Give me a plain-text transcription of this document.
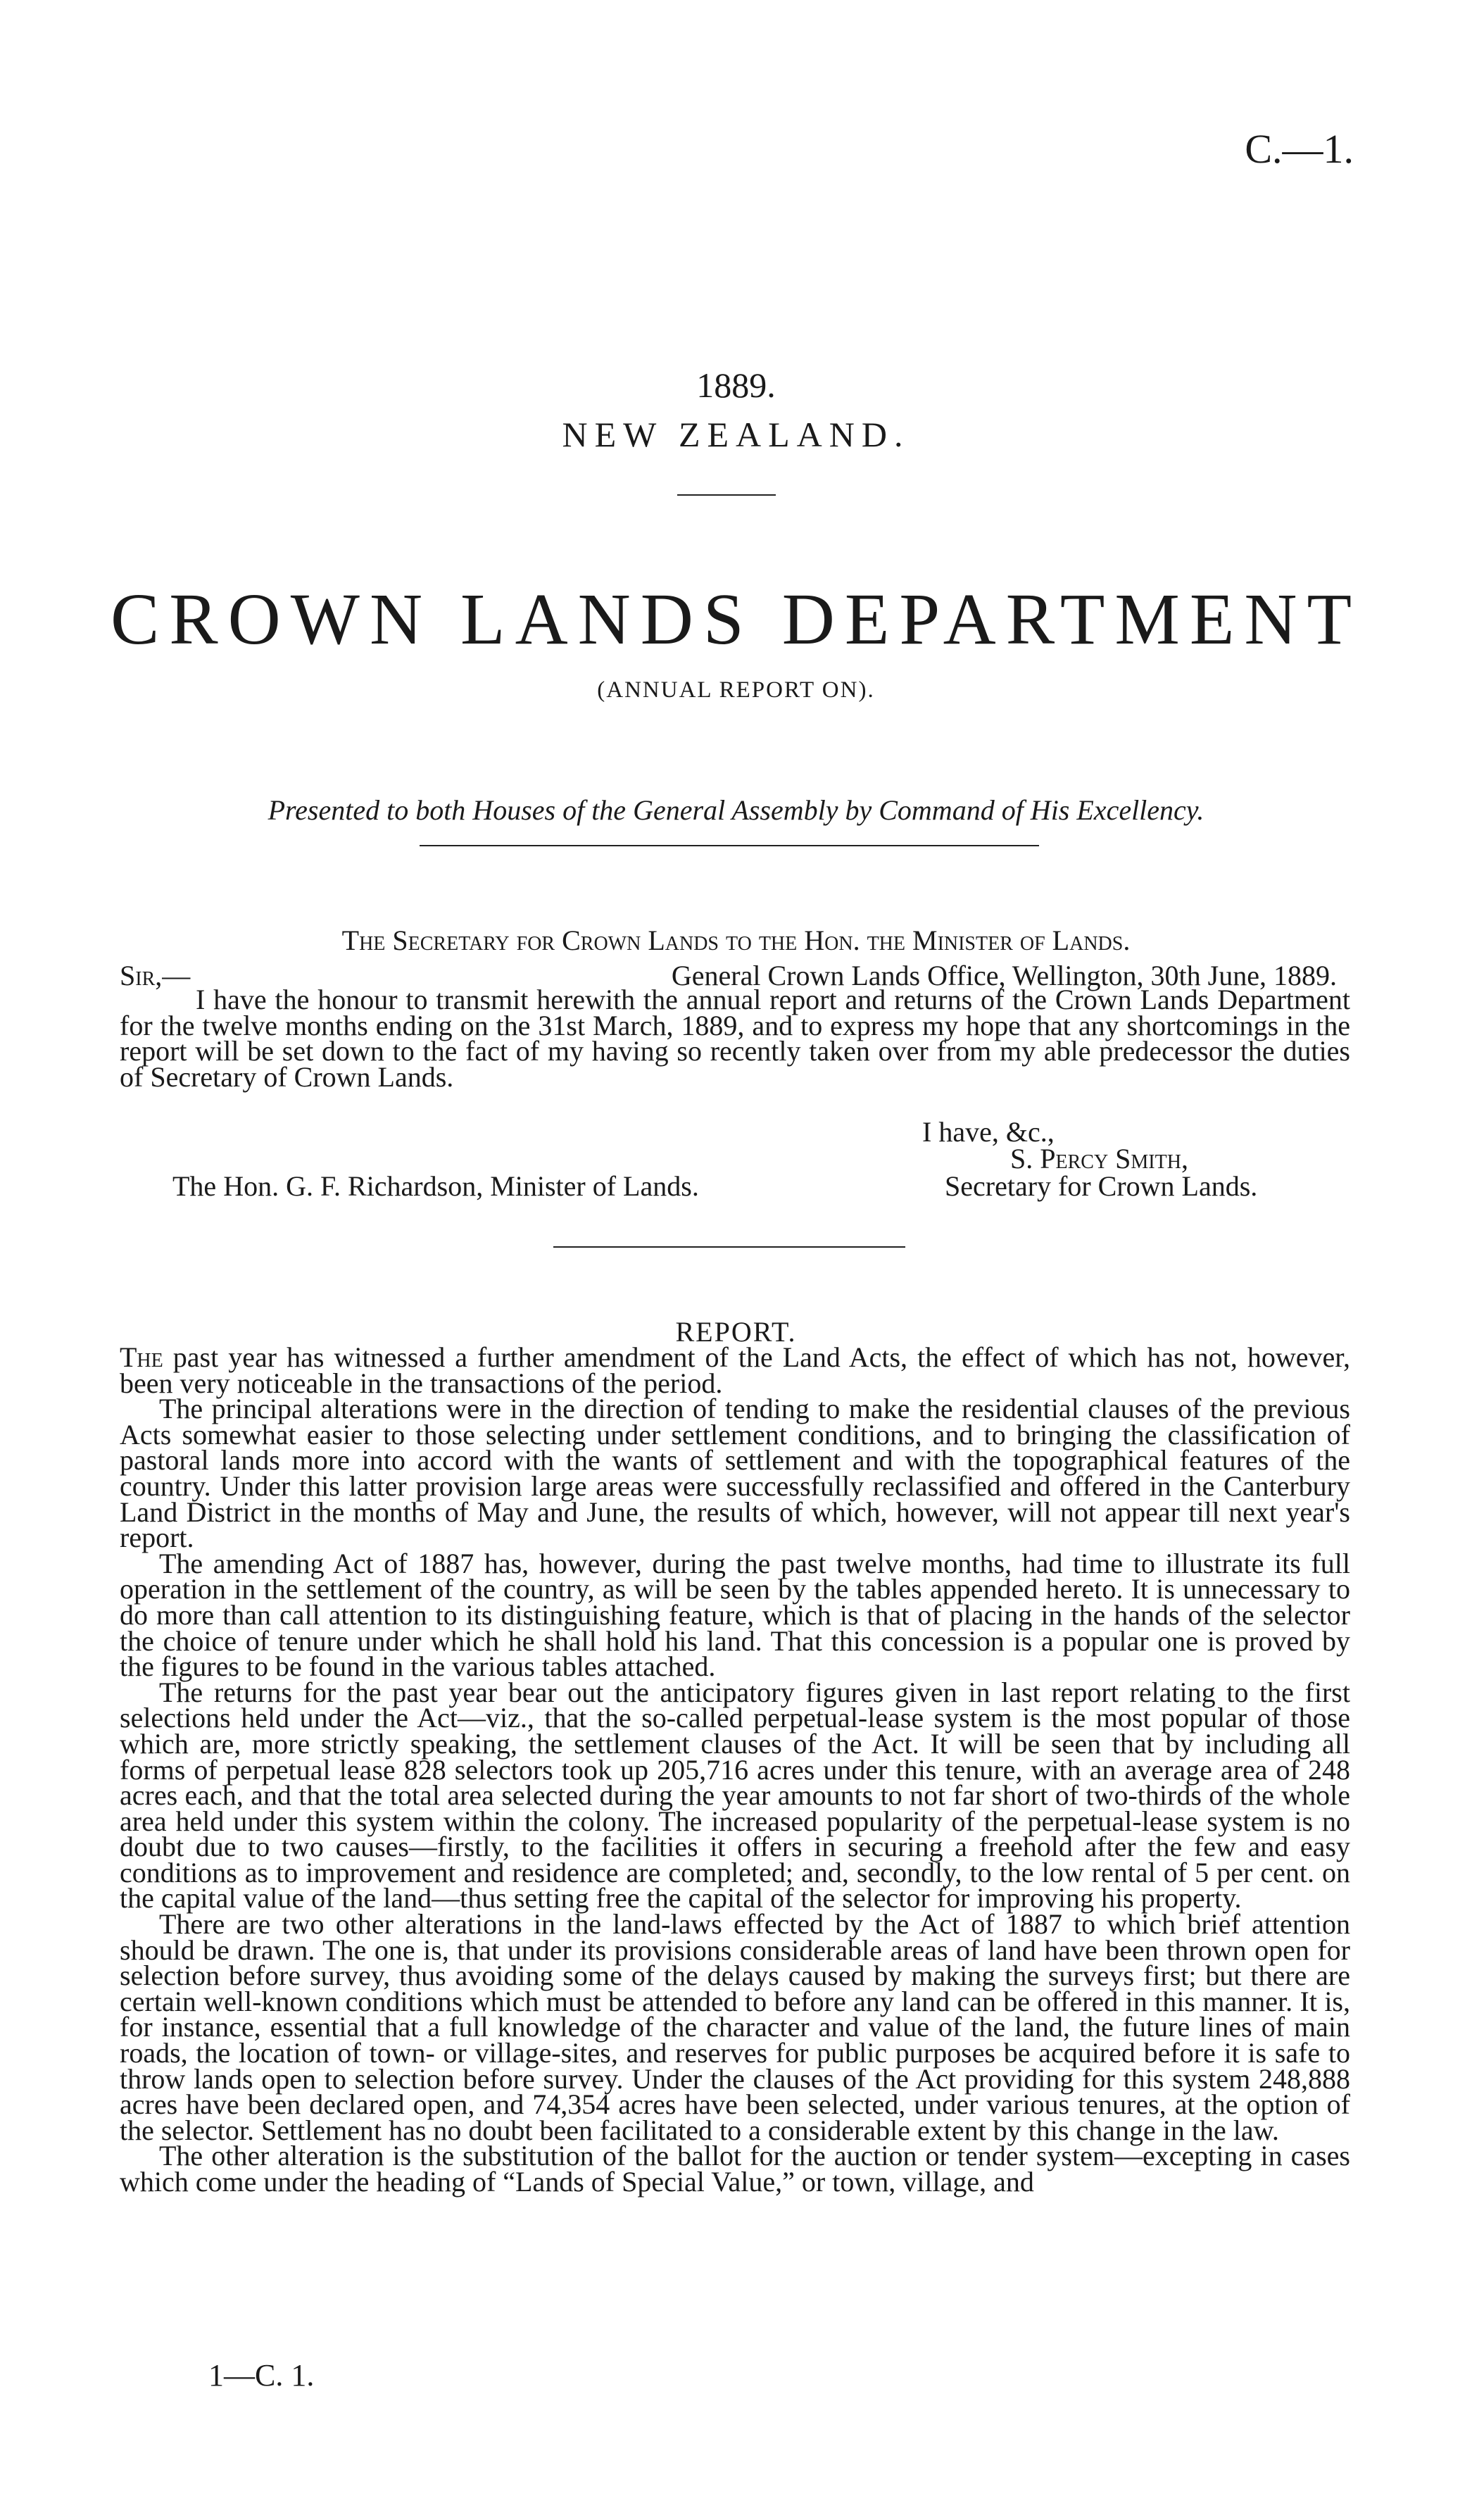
C.—1.
1889.
NEW ZEALAND.
CROWN LANDS DEPARTMENT
(ANNUAL REPORT ON).
Presented to both Houses of the General Assembly by Command of His Excellency.
The Secretary for Crown Lands to the Hon. the Minister of Lands.
Sir,—	General Crown Lands Office, Wellington, 30th June, 1889.

I have the honour to transmit herewith the annual report and returns of the Crown Lands Department for the twelve months ending on the 31st March, 1889, and to express my hope that any shortcomings in the report will be set down to the fact of my having so recently taken over from my able predecessor the duties of Secretary of Crown Lands.

I have, &c.,
S. Percy Smith,
The Hon. G. F. Richardson, Minister of Lands.	Secretary for Crown Lands.
REPORT.

The past year has witnessed a further amendment of the Land Acts, the effect of which has not, however, been very noticeable in the transactions of the period.

The principal alterations were in the direction of tending to make the residential clauses of the previous Acts somewhat easier to those selecting under settlement conditions, and to bringing the classification of pastoral lands more into accord with the wants of settlement and with the topographical features of the country. Under this latter provision large areas were successfully reclassified and offered in the Canterbury Land District in the months of May and June, the results of which, however, will not appear till next year's report.

The amending Act of 1887 has, however, during the past twelve months, had time to illustrate its full operation in the settlement of the country, as will be seen by the tables appended hereto. It is unnecessary to do more than call attention to its distinguishing feature, which is that of placing in the hands of the selector the choice of tenure under which he shall hold his land. That this concession is a popular one is proved by the figures to be found in the various tables attached.

The returns for the past year bear out the anticipatory figures given in last report relating to the first selections held under the Act—viz., that the so-called perpetual-lease system is the most popular of those which are, more strictly speaking, the settlement clauses of the Act. It will be seen that by including all forms of perpetual lease 828 selectors took up 205,716 acres under this tenure, with an average area of 248 acres each, and that the total area selected during the year amounts to not far short of two-thirds of the whole area held under this system within the colony. The increased popularity of the perpetual-lease system is no doubt due to two causes—firstly, to the facilities it offers in securing a freehold after the few and easy conditions as to improvement and residence are completed; and, secondly, to the low rental of 5 per cent. on the capital value of the land—thus setting free the capital of the selector for improving his property.

There are two other alterations in the land-laws effected by the Act of 1887 to which brief attention should be drawn. The one is, that under its provisions considerable areas of land have been thrown open for selection before survey, thus avoiding some of the delays caused by making the surveys first; but there are certain well-known conditions which must be attended to before any land can be offered in this manner. It is, for instance, essential that a full knowledge of the character and value of the land, the future lines of main roads, the location of town- or village-sites, and reserves for public purposes be acquired before it is safe to throw lands open to selection before survey. Under the clauses of the Act providing for this system 248,888 acres have been declared open, and 74,354 acres have been selected, under various tenures, at the option of the selector. Settlement has no doubt been facilitated to a considerable extent by this change in the law.

The other alteration is the substitution of the ballot for the auction or tender system—excepting in cases which come under the heading of “Lands of Special Value,” or town, village, and

1—C. 1.
